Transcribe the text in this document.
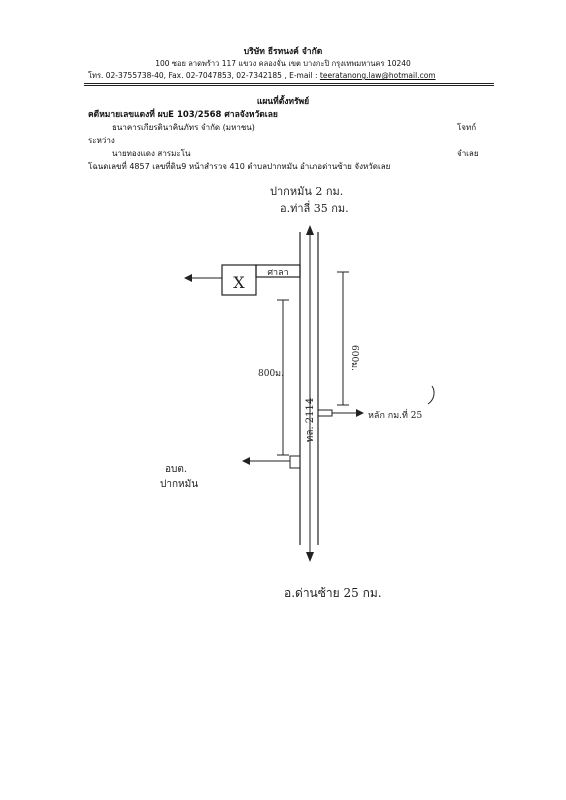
บริษัท ธีรทนงค์ จำกัด
100 ซอย ลาดพร้าว 117 แขวง คลองจั่น เขต บางกะปิ กรุงเทพมหานคร 10240
โทร. 02-3755738-40, Fax. 02-7047853, 02-7342185 , E-mail : teeratanong.law@hotmail.com
แผนที่ตั้งทรัพย์
คดีหมายเลขแดงที่ ผบE 103/2568 ศาลจังหวัดเลย
ธนาคารเกียรตินาคินภัทร จำกัด (มหาชน)	โจทก์
ระหว่าง
นายทองแดง สารมะโน	จำเลย
โฉนดเลขที่ 4857 เลขที่ดิน9 หน้าสำรวจ 410 ตำบลปากหมัน อำเภอด่านซ้าย จังหวัดเลย
X	ศาลา
600ม.
800ม.
ทล. 2114	หลัก กม.ที่ 25
อบต.
ปากหมัน
ปากหมัน 2 กม.
อ.ท่าลี่ 35 กม.
อ.ด่านซ้าย 25 กม.
